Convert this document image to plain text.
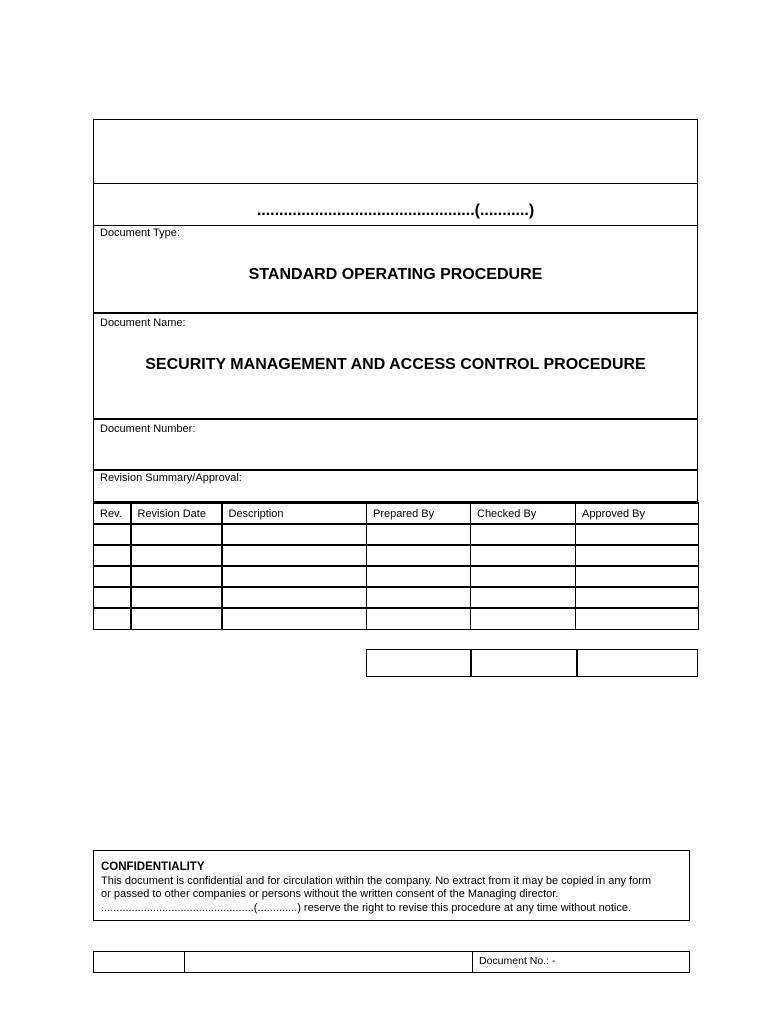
.................................................(...........)
Document Type:
STANDARD OPERATING PROCEDURE
Document Name:
SECURITY MANAGEMENT AND ACCESS CONTROL PROCEDURE
Document Number:
Revision Summary/Approval:
Rev.	Revision Date	Description	Prepared By	Checked By	Approved By

CONFIDENTIALITY
This document is confidential and for circulation within the company. No extract from it may be copied in any form
or passed to other companies or persons without the written consent of the Managing director.
..................................................(.............) reserve the right to revise this procedure at any time without notice.
Document No.: -
